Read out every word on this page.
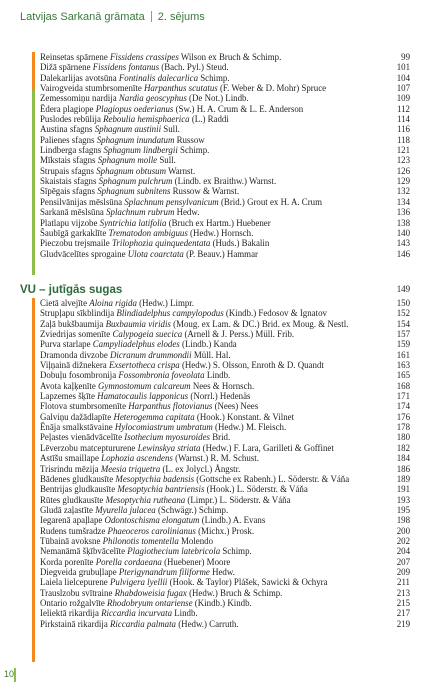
Latvijas Sarkanā grāmata 2. sējums
Reinsetas spārnene Fissidens crassipes Wilson ex Bruch & Schimp.	99
Dižā spārnene Fissidens fontanus (Bach. Pyl.) Steud.	101
Dalekarlijas avotsūna Fontinalis dalecarlica Schimp.	104
Vairogveida stumbrsomenīte Harpanthus scutatus (F. Weber & D. Mohr) Spruce	107
Zemessomiņu nardija Nardia geoscyphus (De Not.) Lindb.	109
Ēdera plagiope Plagiopus oederianus (Sw.) H. A. Crum & L. E. Anderson	112
Puslodes rebūlija Reboulia hemisphaerica (L.) Raddi	114
Austina sfagns Sphagnum austinii Sull.	116
Palienes sfagns Sphagnum inundatum Russow	118
Lindberga sfagns Sphagnum lindbergii Schimp.	121
Mīkstais sfagns Sphagnum molle Sull.	123
Strupais sfagns Sphagnum obtusum Warnst.	126
Skaistais sfagns Sphagnum pulchrum (Lindb. ex Braithw.) Warnst.	129
Sīpēgais sfagns Sphagnum subnitens Russow & Warnst.	132
Pensilvānijas mēslsūna Splachnum pensylvanicum (Brid.) Grout ex H. A. Crum	134
Sarkanā mēslsūna Splachnum rubrum Hedw.	136
Platlapu vijzobe Syntrichia latifolia (Bruch ex Hartm.) Huebener	138
Šaubīgā garkaklīte Trematodon ambiguus (Hedw.) Hornsch.	140
Pieczobu trejsmaile Trilophozia quinquedentata (Huds.) Bakalin	143
Gludvācelītes sprogaine Ulota coarctata (P. Beauv.) Hammar	146
VU – jutīgās sugas	149
Cietā alvejīte Aloina rigida (Hedw.) Limpr.	150
Strupļapu sīkblindija Blindiadelphus campylopodus (Kindb.) Fedosov & Ignatov	152
Zaļā bukšbaumija Buxbaumia viridis (Moug. ex Lam. & DC.) Brid. ex Moug. & Nestl.	154
Zviedrijas somenīte Calypogeia suecica (Arnell & J. Perss.) Müll. Frib.	157
Purva starlape Campyliadelphus elodes (Lindb.) Kanda	159
Dramonda divzobe Dicranum drummondii Müll. Hal.	161
Viļņainā dižnekera Exsertotheca crispa (Hedw.) S. Olsson, Enroth & D. Quandt	163
Dobuļu fosombronija Fossombronia foveolata Lindb.	165
Avota kaļķenīte Gymnostomum calcareum Nees & Hornsch.	168
Lapzemes šķīte Hamatocaulis lapponicus (Norrl.) Hedenäs	171
Flotova stumbrsomenīte Harpanthus flotovianus (Nees) Nees	174
Galviņu dažādlapīte Heterogemma capitata (Hook.) Konstant. & Vilnet	176
Ēnāja smalkstāvaine Hylocomiastrum umbratum (Hedw.) M. Fleisch.	178
Peļastes vienādvācelīte Isothecium myosuroides Brid.	180
Lēverzobu matceptururene Lewinskya striata (Hedw.) F. Lara, Garilleti & Goffinet	182
Astīšu smaillape Lophozia ascendens (Warnst.) R. M. Schust.	184
Trisrindu mēzija Meesia triquetra (L. ex Jolycl.) Ångstr.	186
Bādenes gludkausīte Mesoptychia badensis (Gottsche ex Rabenh.) L. Söderstr. & Váňa	189
Bentrijas gludkausīte Mesoptychia bantriensis (Hook.) L. Söderstr. & Váňa	191
Rūtes gludkausīte Mesoptychia rutheana (Limpr.) L. Söderstr. & Váňa	193
Gludā zaļastīte Myurella julacea (Schwägr.) Schimp.	195
Iegarenā apaļlape Odontoschisma elongatum (Lindb.) A. Evans	198
Rudens tumšradze Phaeoceros carolinianus (Michx.) Prosk.	200
Tūbainā avoksne Philonotis tomentella Molendo	202
Nemanāmā šķībvācelīte Plagiothecium latebricola Schimp.	204
Korda porenīte Porella cordaeana (Huebener) Moore	207
Diegveida grubuļlape Pterigynandrum filiforme Hedw.	209
Laiela lielcepurene Pulvigera lyellii (Hook. & Taylor) Plášek, Sawicki & Ochyra	211
Trauslzobu svītraine Rhabdoweisia fugax (Hedw.) Bruch & Schimp.	213
Ontario rožgalvīte Rhodobryum ontariense (Kindb.) Kindb.	215
Ieliektā rikardija Riccardia incurvata Lindb.	217
Pirkstainā rikardija Riccardia palmata (Hedw.) Carruth.	219
10
